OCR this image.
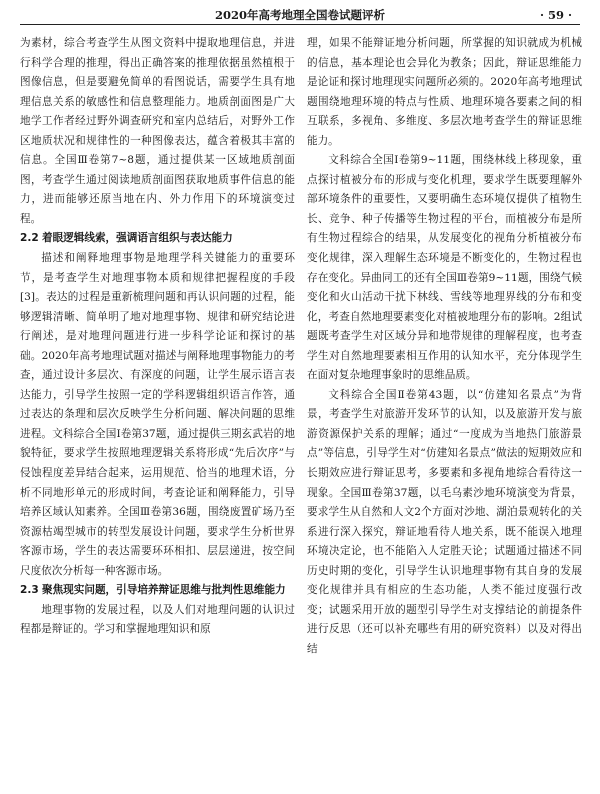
2020年高考地理全国卷试题评析	· 59 ·

为素材，综合考查学生从图文资料中提取地理信息，并进行科学合理的推理，得出正确答案的推理依据虽然植根于图像信息，但是要避免简单的看图说话，需要学生具有地理信息关系的敏感性和信息整理能力。地质剖面图是广大地学工作者经过野外调查研究和室内总结后，对野外工作区地质状况和规律性的一种图像表达，蕴含着极其丰富的信息。全国Ⅲ卷第7~8题，通过提供某一区域地质剖面图，考查学生通过阅读地质剖面图获取地质事件信息的能力，进而能够还原当地在内、外力作用下的环境演变过程。

2.2 着眼逻辑线索，强调语言组织与表达能力

描述和阐释地理事物是地理学科关键能力的重要环节，是考查学生对地理事物本质和规律把握程度的手段[3]。表达的过程是重新梳理问题和再认识问题的过程，能够逻辑清晰、简单明了地对地理事物、规律和研究结论进行阐述，是对地理问题进行进一步科学论证和探讨的基础。2020年高考地理试题对描述与阐释地理事物能力的考查，通过设计多层次、有深度的问题，让学生展示语言表达能力，引导学生按照一定的学科逻辑组织语言作答，通过表达的条理和层次反映学生分析问题、解决问题的思维进程。文科综合全国Ⅰ卷第37题，通过提供三期玄武岩的地貌特征，要求学生按照地理逻辑关系将形成“先后次序”与侵蚀程度差异结合起来，运用规范、恰当的地理术语，分析不同地形单元的形成时间，考查论证和阐释能力，引导培养区域认知素养。全国Ⅲ卷第36题，围绕废置矿场乃至资源枯竭型城市的转型发展设计问题，要求学生分析世界客源市场，学生的表达需要环环相扣、层层递进，按空间尺度依次分析每一种客源市场。

2.3 聚焦现实问题，引导培养辩证思维与批判性思维能力

地理事物的发展过程，以及人们对地理问题的认识过程都是辩证的。学习和掌握地理知识和原

理，如果不能辩证地分析问题，所掌握的知识就成为机械的信息，基本理论也会异化为教条；因此，辩证思维能力是论证和探讨地理现实问题所必须的。2020年高考地理试题围绕地理环境的特点与性质、地理环境各要素之间的相互联系，多视角、多维度、多层次地考查学生的辩证思维能力。

文科综合全国Ⅰ卷第9~11题，围绕林线上移现象，重点探讨植被分布的形成与变化机理，要求学生既要理解外部环境条件的重要性，又要明确生态环境仅提供了植物生长、竞争、种子传播等生物过程的平台，而植被分布是所有生物过程综合的结果，从发展变化的视角分析植被分布变化规律，深入理解生态环境是不断变化的，生物过程也存在变化。异曲同工的还有全国Ⅲ卷第9~11题，围绕气候变化和火山活动干扰下林线、雪线等地理界线的分布和变化，考查自然地理要素变化对植被地理分布的影响。2组试题既考查学生对区域分异和地带规律的理解程度，也考查学生对自然地理要素相互作用的认知水平，充分体现学生在面对复杂地理事象时的思维品质。

文科综合全国Ⅱ卷第43题，以“仿建知名景点”为背景，考查学生对旅游开发环节的认知，以及旅游开发与旅游资源保护关系的理解；通过“一度成为当地热门旅游景点”等信息，引导学生对“仿建知名景点”做法的短期效应和长期效应进行辩证思考，多要素和多视角地综合看待这一现象。全国Ⅲ卷第37题，以毛乌素沙地环境演变为背景，要求学生从自然和人文2个方面对沙地、湖泊景观转化的关系进行深入探究，辩证地看待人地关系，既不能误入地理环境决定论，也不能陷入人定胜天论；试题通过描述不同历史时期的变化，引导学生认识地理事物有其自身的发展变化规律并具有相应的生态功能，人类不能过度强行改变；试题采用开放的题型引导学生对支撑结论的前提条件进行反思（还可以补充哪些有用的研究资料）以及对得出结
